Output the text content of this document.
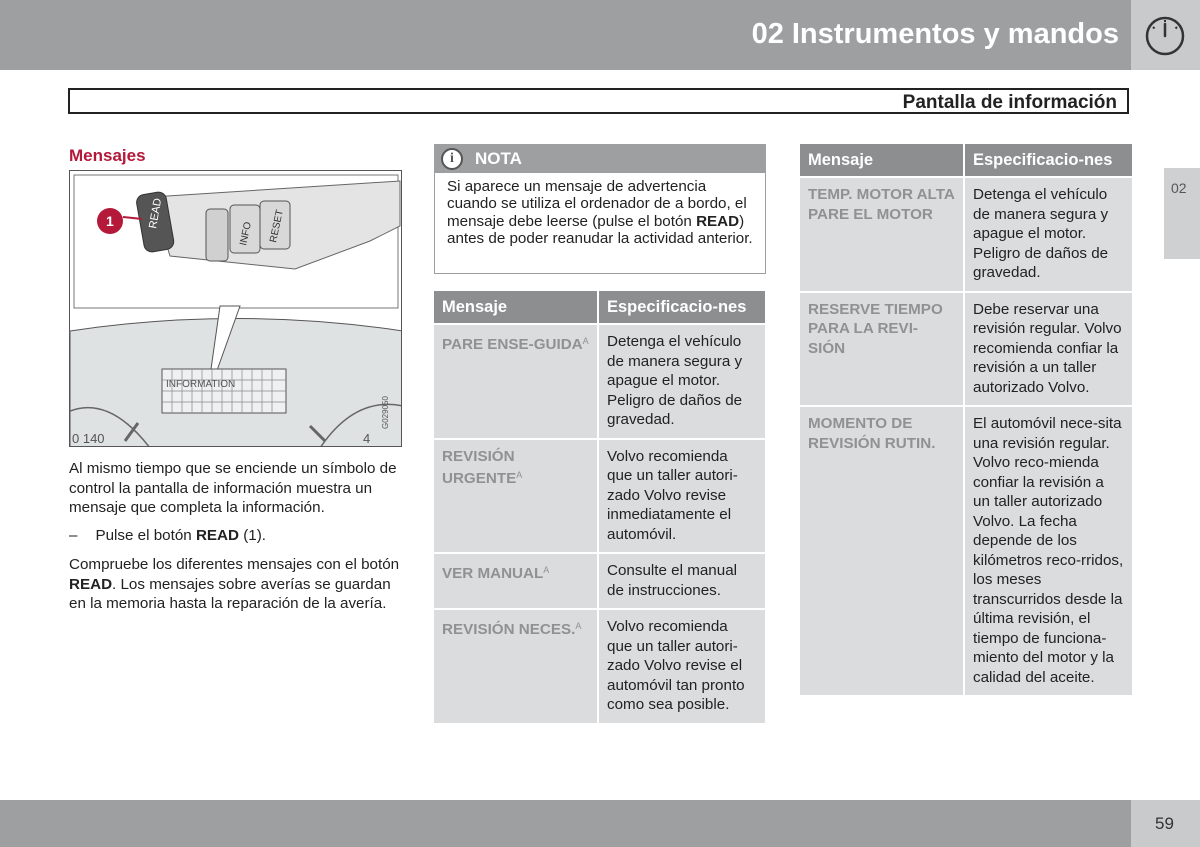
02 Instrumentos y mandos
Pantalla de información
02
Mensajes
READ
INFO RESET
1
INFORMATION
0 140	4
G029050

Al mismo tiempo que se enciende un símbolo de control la pantalla de información muestra un mensaje que completa la información.

– Pulse el botón READ (1).

Compruebe los diferentes mensajes con el botón READ. Los mensajes sobre averías se guardan en la memoria hasta la reparación de la avería.

i	NOTA
Si aparece un mensaje de advertencia cuando se utiliza el ordenador de a bordo, el mensaje debe leerse (pulse el botón READ) antes de poder reanudar la actividad anterior.
Mensaje	Especificacio-nes
PARE ENSE-$GUIDA^A$	Detenga el vehículo de manera segura y apague el motor. Peligro de daños de gravedad.
REVISIÓN $URGENTE^A$	Volvo recomienda que un taller autori-zado Volvo revise inmediatamente el automóvil.
VER $MANUAL^A$	Consulte el manual de instrucciones.
REVISIÓN NECES.$^A$	Volvo recomienda que un taller autori-zado Volvo revise el automóvil tan pronto como sea posible.
Mensaje	Especificacio-nes
TEMP. MOTOR ALTA PARE EL MOTOR	Detenga el vehículo de manera segura y apague el motor. Peligro de daños de gravedad.
RESERVE TIEMPO PARA LA REVI-SIÓN	Debe reservar una revisión regular. Volvo recomienda confiar la revisión a un taller autorizado Volvo.
MOMENTO DE REVISIÓN RUTIN.	El automóvil nece-sita una revisión regular. Volvo reco-mienda confiar la revisión a un taller autorizado Volvo. La fecha depende de los kilómetros reco-rridos, los meses transcurridos desde la última revisión, el tiempo de funciona-miento del motor y la calidad del aceite.
59
